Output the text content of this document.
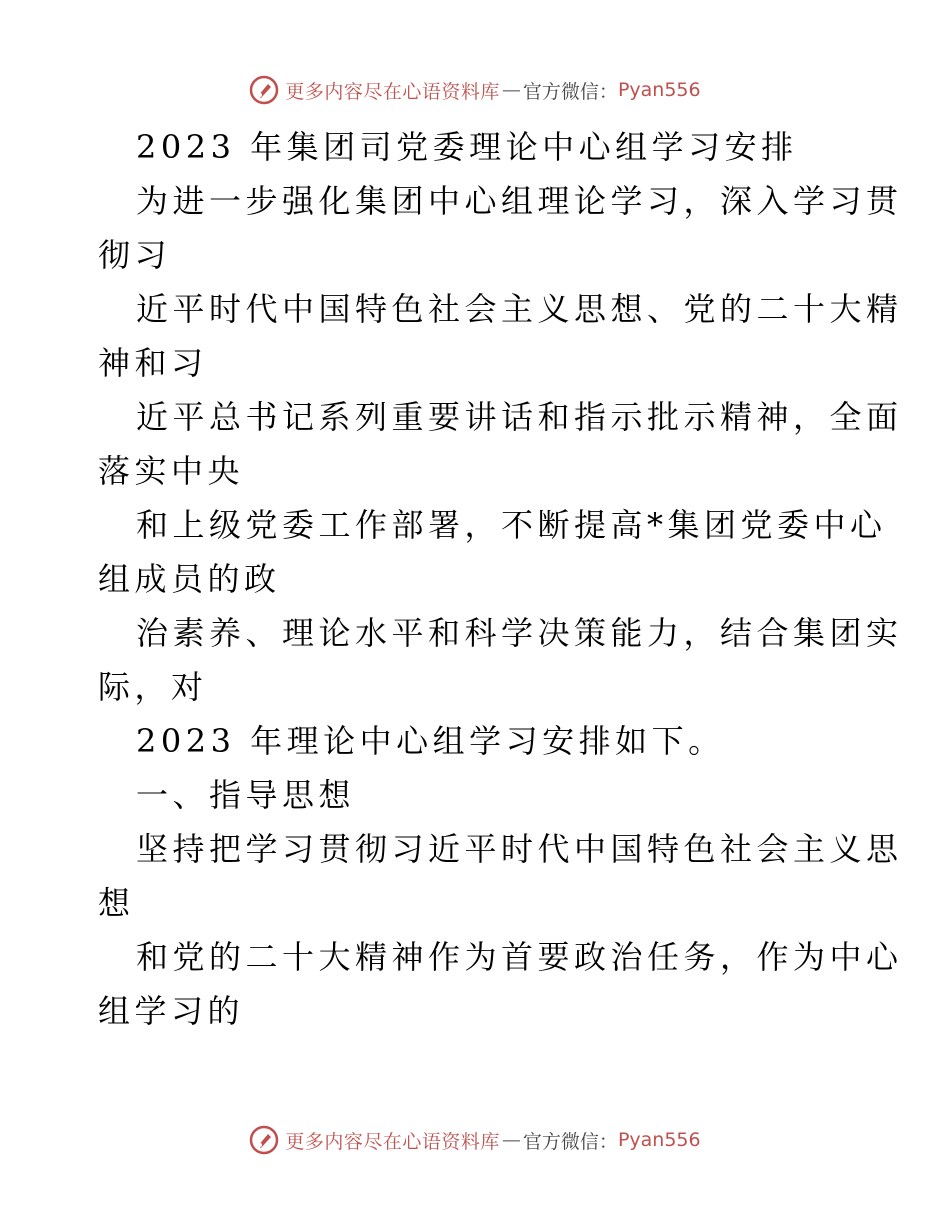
更多内容尽在心语资料库 — 官方微信： Pyan556
2023 年集团司党委理论中心组学习安排
为进一步强化集团中心组理论学习，深入学习贯
彻习
近平时代中国特色社会主义思想、党的二十大精
神和习
近平总书记系列重要讲话和指示批示精神，全面
落实中央
和上级党委工作部署，不断提高*集团党委中心
组成员的政
治素养、理论水平和科学决策能力，结合集团实
际，对
2023 年理论中心组学习安排如下。
一、指导思想
坚持把学习贯彻习近平时代中国特色社会主义思
想
和党的二十大精神作为首要政治任务，作为中心
组学习的
更多内容尽在心语资料库 — 官方微信： Pyan556
